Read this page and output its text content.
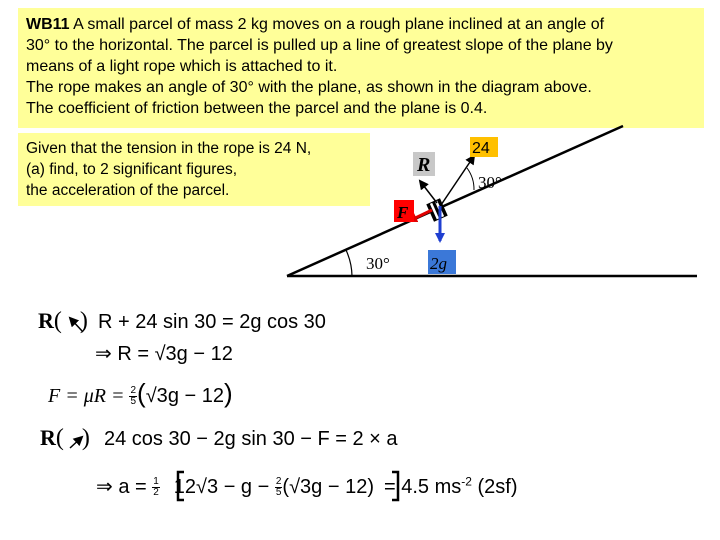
WB11 A small parcel of mass 2 kg moves on a rough plane inclined at an angle of

30° to the horizontal. The parcel is pulled up a line of greatest slope of the plane by

means of a light rope which is attached to it.

The rope makes an angle of 30° with the plane, as shown in the diagram above.

The coefficient of friction between the parcel and the plane is 0.4.

Given that the tension in the rope is 24 N,

(a) find, to 2 significant figures,

the acceleration of the parcel.

R
F
24
2g
30°
30°
R(   ) R + 24 sin 30 = 2g cos 30
⇒ R = √3g − 12
$F = \mu R = \frac{2}{5} (√3g - 12)$
R(   ) 24 cos 30 − 2g sin 30 − F = 2 × a
⇒ $a = \frac{1}{2} 12√3 - g - \frac{2}{5} (√3g - 12) = 4.5$ $ms^{-2}$ (2sf)
